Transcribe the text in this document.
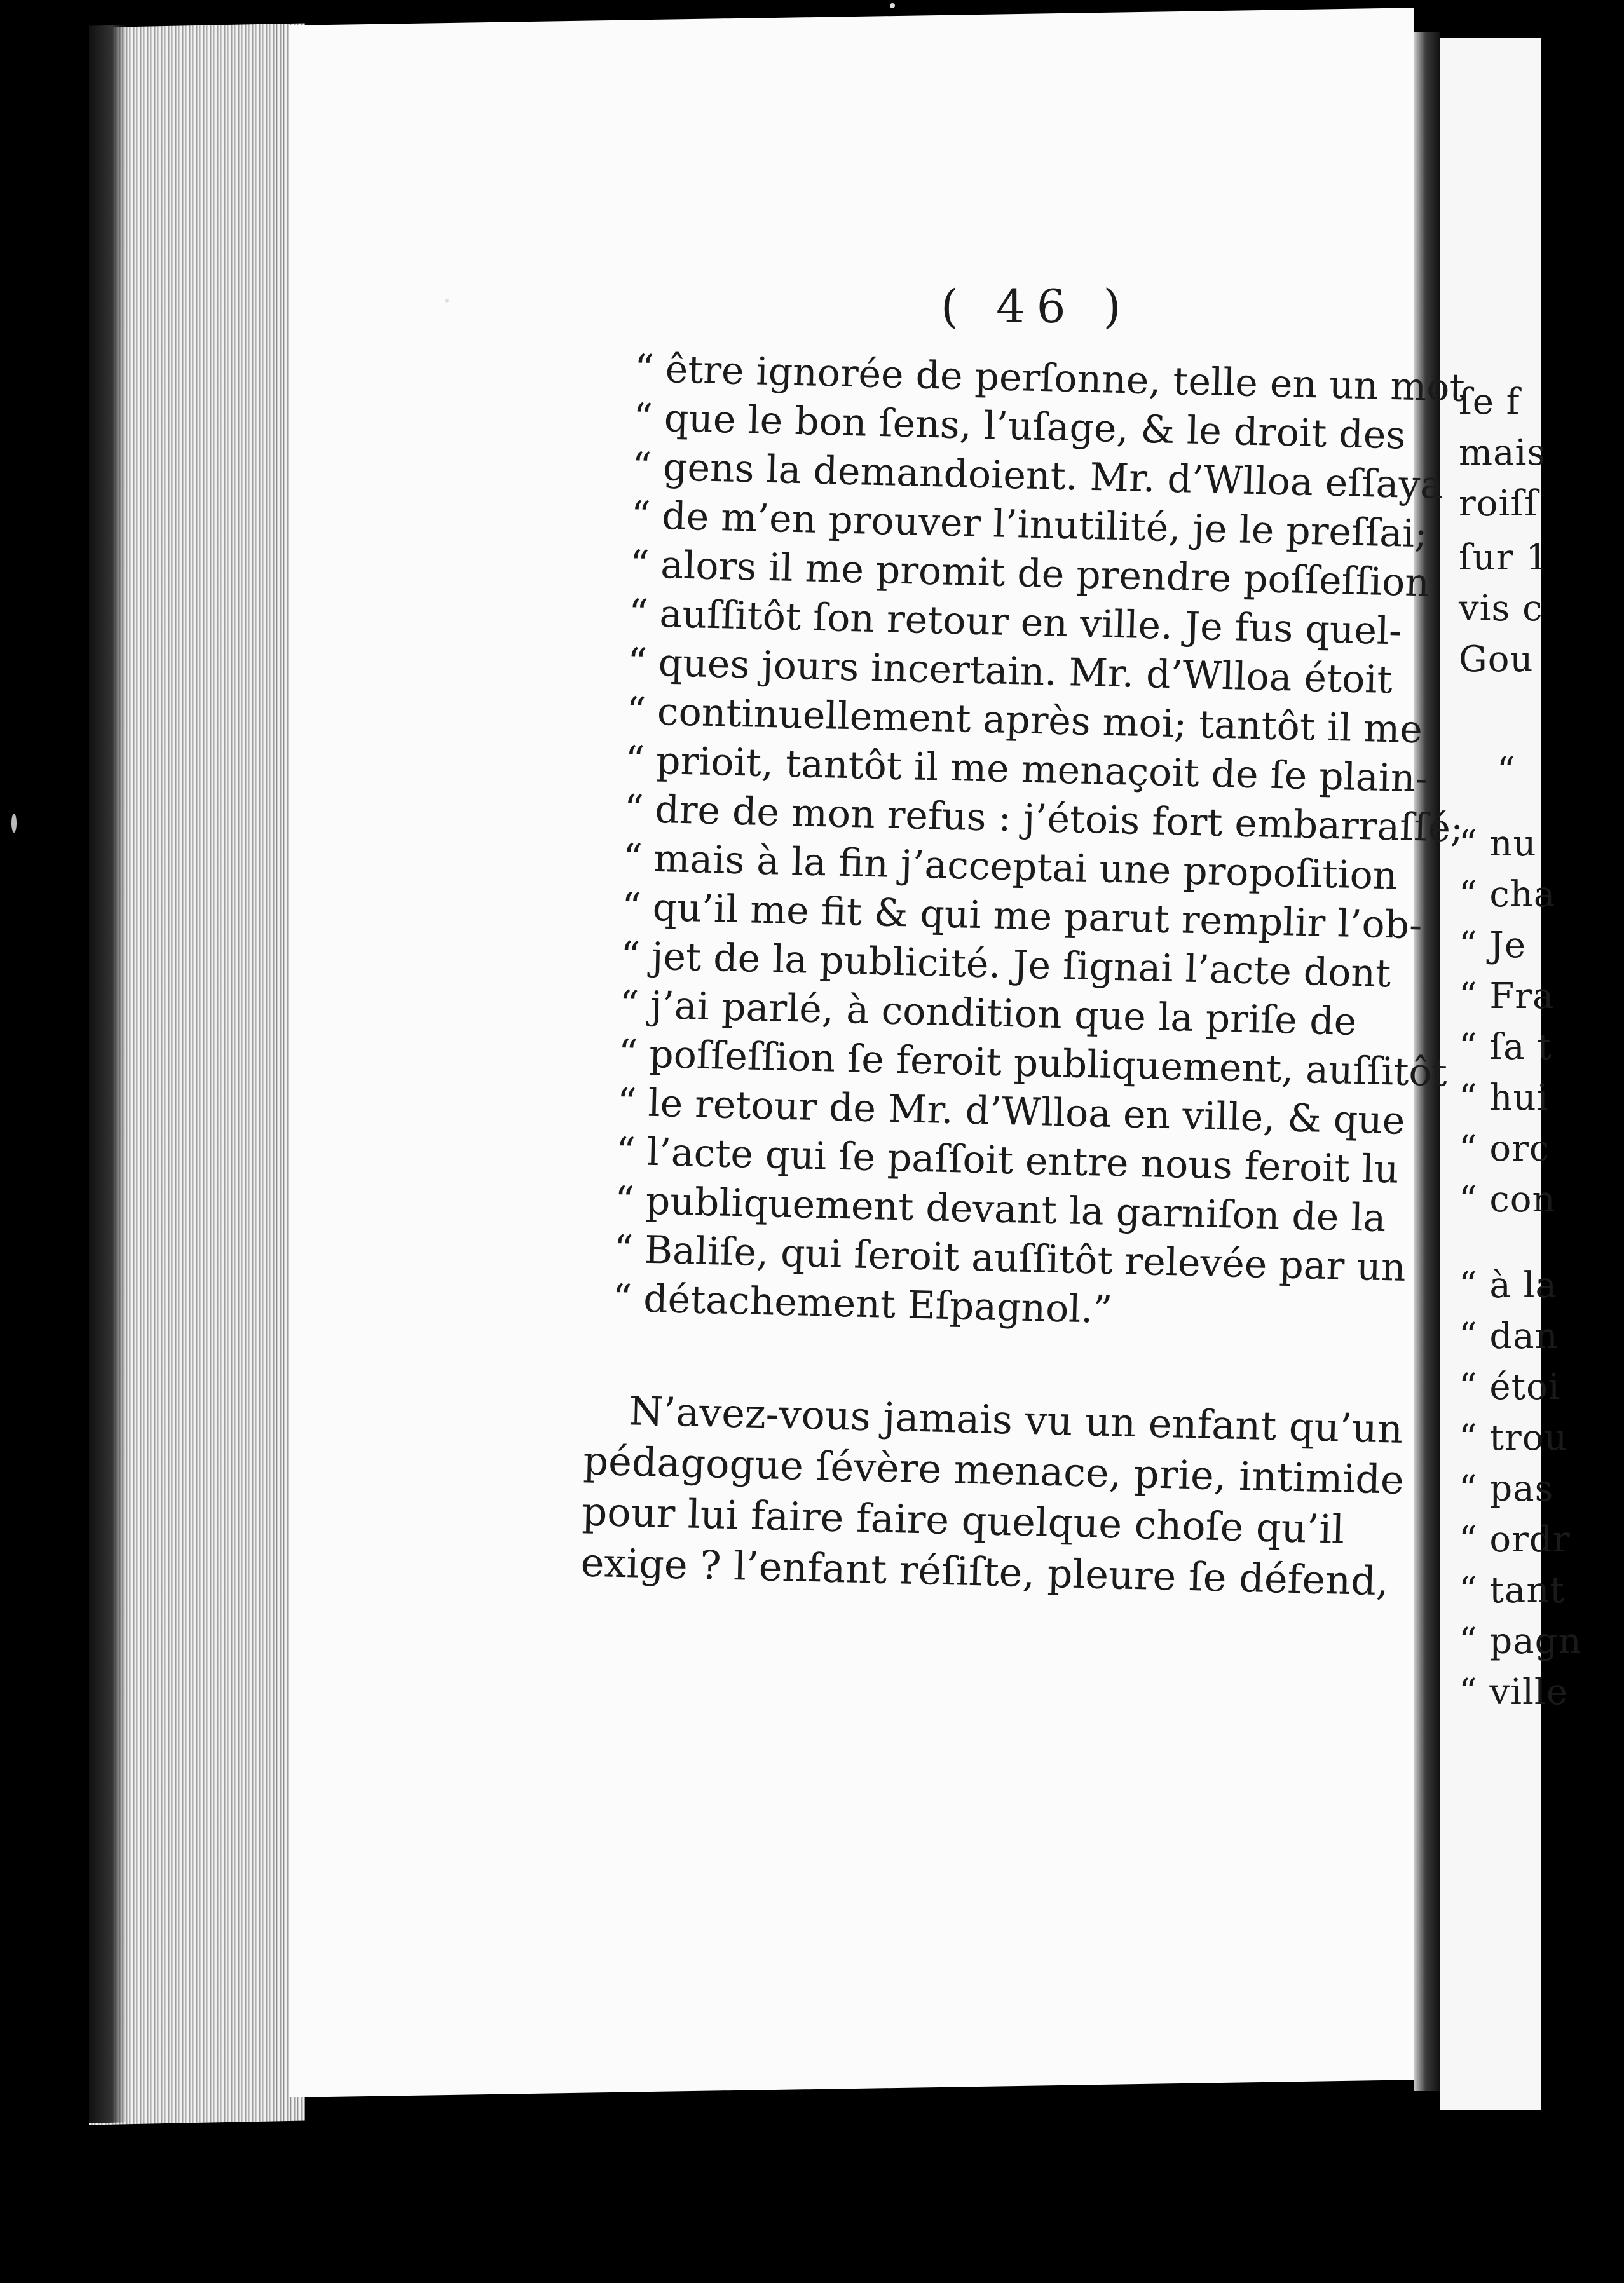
ſe f
mais
roiſſ
ſur 1
vis c
Gou
“
“ nu
“ cha
“ Je
“ Fra
“ ſa t
“ hui
“ orc
“ con
“ à la
“ dan
“ étoi
“ trou
“ pas
“ ordr
“ tant
“ pagn
“ ville
( 46 )
“ être ignorée de perſonne, telle en un mot
“ que le bon ſens, l’uſage, & le droit des
“ gens la demandoient. Mr. d’Wlloa eſſaya
“ de m’en prouver l’inutilité, je le preſſai;
“ alors il me promit de prendre poſſeſſion
“ auſſitôt ſon retour en ville. Je fus quel-
“ ques jours incertain. Mr. d’Wlloa étoit
“ continuellement après moi; tantôt il me
“ prioit, tantôt il me menaçoit de ſe plain-
“ dre de mon refus : j’étois fort embarraſſé;
“ mais à la fin j’acceptai une propoſition
“ qu’il me fit & qui me parut remplir l’ob-
“ jet de la publicité. Je ſignai l’acte dont
“ j’ai parlé, à condition que la priſe de
“ poſſeſſion ſe feroit publiquement, auſſitôt
“ le retour de Mr. d’Wlloa en ville, & que
“ l’acte qui ſe paſſoit entre nous feroit lu
“ publiquement devant la garniſon de la
“ Baliſe, qui ſeroit auſſitôt relevée par un
“ détachement Eſpagnol.”
N’avez-vous jamais vu un enfant qu’un
pédagogue ſévère menace, prie, intimide
pour lui faire faire quelque choſe qu’il
exige ? l’enfant réſiſte, pleure ſe défend,
